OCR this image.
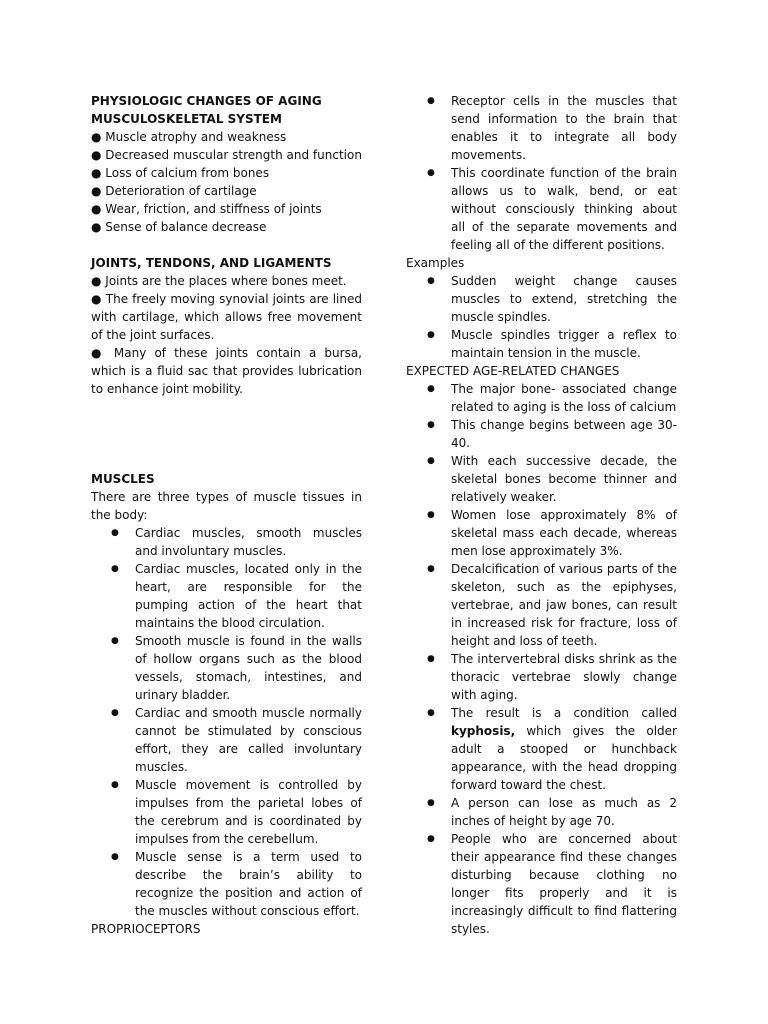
PHYSIOLOGIC CHANGES OF AGING

MUSCULOSKELETAL SYSTEM

● Muscle atrophy and weakness

● Decreased muscular strength and function

● Loss of calcium from bones

● Deterioration of cartilage

● Wear, friction, and stiffness of joints

● Sense of balance decrease

JOINTS, TENDONS, AND LIGAMENTS

● Joints are the places where bones meet.

● The freely moving synovial joints are lined with cartilage, which allows free movement of the joint surfaces.

● Many of these joints contain a bursa, which is a fluid sac that provides lubrication to enhance joint mobility.

MUSCLES

There are three types of muscle tissues in the body:

● Cardiac muscles, smooth muscles and involuntary muscles.
● Cardiac muscles, located only in the heart, are responsible for the pumping action of the heart that maintains the blood circulation.
● Smooth muscle is found in the walls of hollow organs such as the blood vessels, stomach, intestines, and urinary bladder.
● Cardiac and smooth muscle normally cannot be stimulated by conscious effort, they are called involuntary muscles.
● Muscle movement is controlled by impulses from the parietal lobes of the cerebrum and is coordinated by impulses from the cerebellum.
● Muscle sense is a term used to describe the brain’s ability to recognize the position and action of the muscles without conscious effort.

PROPRIOCEPTORS

● Receptor cells in the muscles that send information to the brain that enables it to integrate all body movements.
● This coordinate function of the brain allows us to walk, bend, or eat without consciously thinking about all of the separate movements and feeling all of the different positions.

Examples

● Sudden weight change causes muscles to extend, stretching the muscle spindles.
● Muscle spindles trigger a reflex to maintain tension in the muscle.

EXPECTED AGE-RELATED CHANGES

● The major bone- associated change related to aging is the loss of calcium
● This change begins between age 30-40.
● With each successive decade, the skeletal bones become thinner and relatively weaker.
● Women lose approximately 8% of skeletal mass each decade, whereas men lose approximately 3%.
● Decalcification of various parts of the skeleton, such as the epiphyses, vertebrae, and jaw bones, can result in increased risk for fracture, loss of height and loss of teeth.
● The intervertebral disks shrink as the thoracic vertebrae slowly change with aging.
● The result is a condition called kyphosis, which gives the older adult a stooped or hunchback appearance, with the head dropping forward toward the chest.
● A person can lose as much as 2 inches of height by age 70.
● People who are concerned about their appearance find these changes disturbing because clothing no longer fits properly and it is increasingly difficult to find flattering styles.
